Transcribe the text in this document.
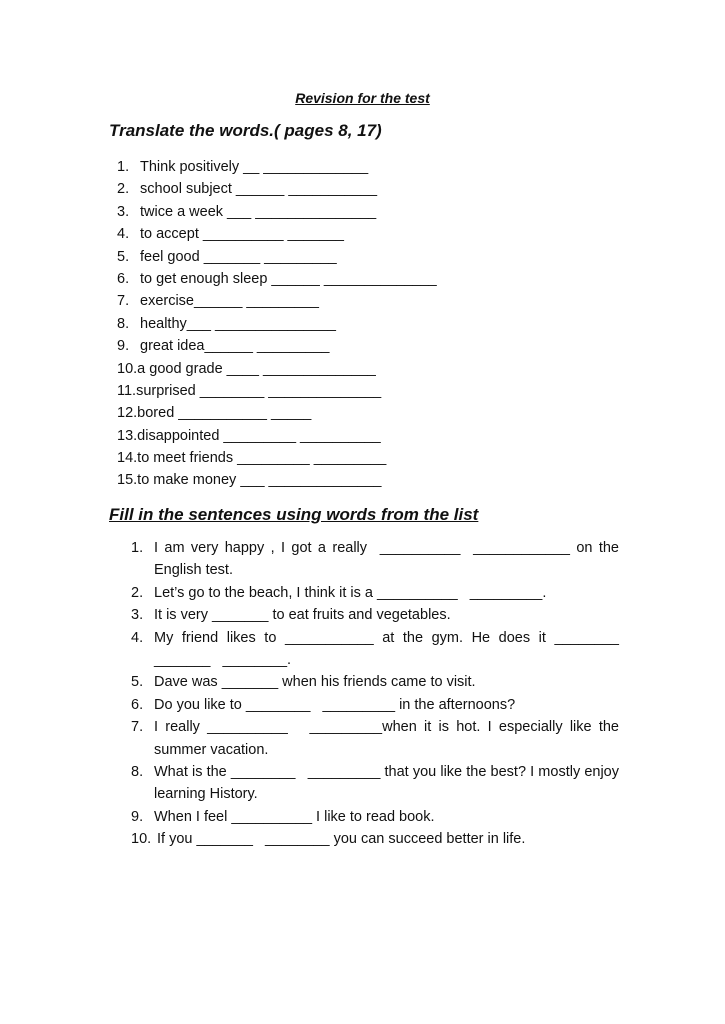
Revision for the test
Translate the words.( pages 8, 17)
1. Think positively __ _____________
2. school subject ______ ___________
3. twice a week ___ _______________
4. to accept __________ _______
5. feel good _______ _________
6. to get enough sleep ______ ______________
7. exercise______ _________
8. healthy___ _______________
9. great idea______ _________
10.a good grade ____ ______________
11.surprised ________ ______________
12.bored ___________ _____
13.disappointed _________ __________
14.to meet friends _________ _________
15.to make money ___ ______________
Fill in the sentences using words from the list
1. I am very happy , I got a really  __________  ____________ on the English test.
2. Let’s go to the beach, I think it is a __________   _________.
3. It is very _______ to eat fruits and vegetables.
4. My friend likes to ___________ at the gym. He does it ________ _______   ________.
5. Dave was _______ when his friends came to visit.
6. Do you like to ________   _________ in the afternoons?
7. I really __________   _________when it is hot. I especially like the summer vacation.
8. What is the ________   _________ that you like the best? I mostly enjoy learning History.
9. When I feel __________ I like to read book.
10. If you _______   ________ you can succeed better in life.
